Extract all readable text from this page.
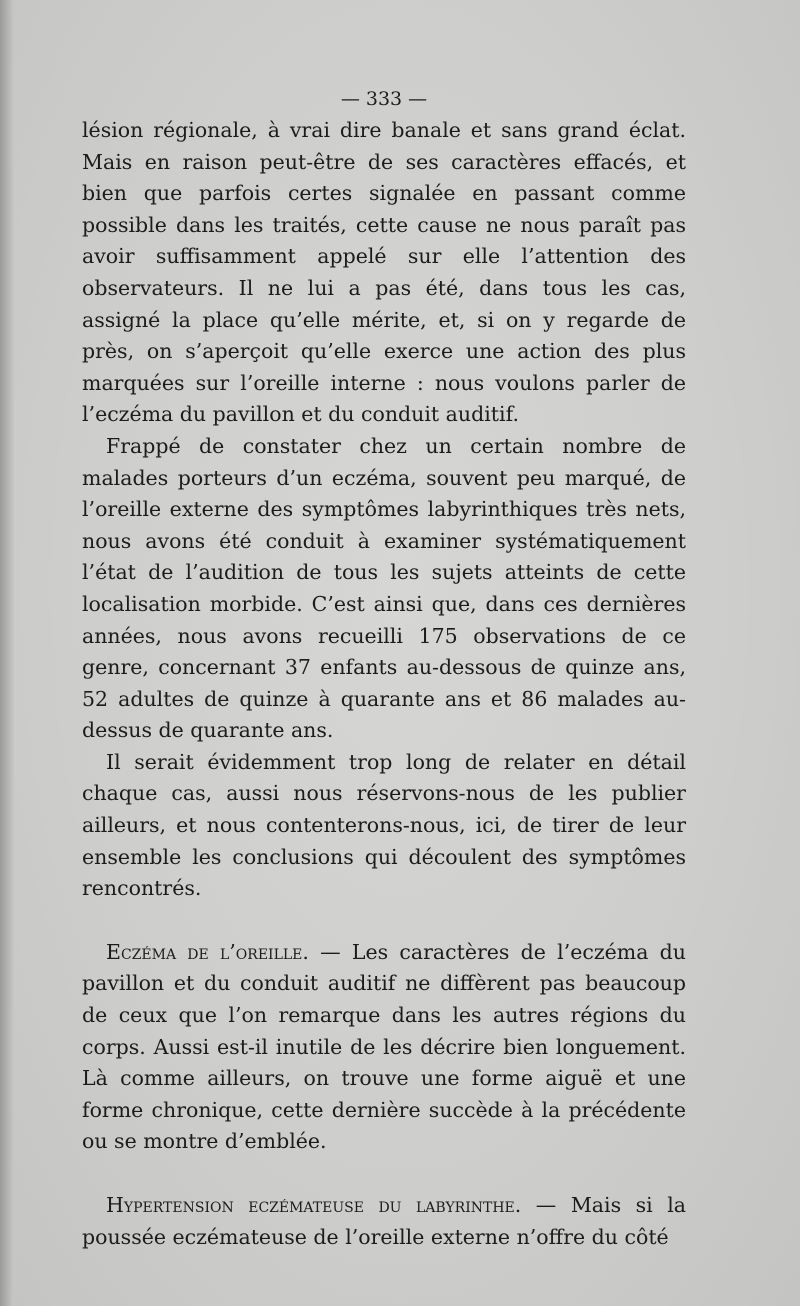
— 333 —

lésion régionale, à vrai dire banale et sans grand éclat. Mais en raison peut-être de ses caractères effacés, et bien que parfois certes signalée en passant comme possible dans les traités, cette cause ne nous paraît pas avoir suffisamment appelé sur elle l’attention des observateurs. Il ne lui a pas été, dans tous les cas, assigné la place qu’elle mérite, et, si on y regarde de près, on s’aperçoit qu’elle exerce une action des plus marquées sur l’oreille interne : nous voulons parler de l’eczéma du pavillon et du conduit auditif.

Frappé de constater chez un certain nombre de malades porteurs d’un eczéma, souvent peu marqué, de l’oreille externe des symptômes labyrinthiques très nets, nous avons été conduit à examiner systématiquement l’état de l’audition de tous les sujets atteints de cette localisation morbide. C’est ainsi que, dans ces dernières années, nous avons recueilli 175 observations de ce genre, concernant 37 enfants au-dessous de quinze ans, 52 adultes de quinze à quarante ans et 86 malades au-dessus de quarante ans.

Il serait évidemment trop long de relater en détail chaque cas, aussi nous réservons-nous de les publier ailleurs, et nous contenterons-nous, ici, de tirer de leur ensemble les conclusions qui découlent des symptômes rencontrés.

Eczéma de l’oreille. — Les caractères de l’eczéma du pavillon et du conduit auditif ne diffèrent pas beaucoup de ceux que l’on remarque dans les autres régions du corps. Aussi est-il inutile de les décrire bien longuement. Là comme ailleurs, on trouve une forme aiguë et une forme chronique, cette dernière succède à la précédente ou se montre d’emblée.

Hypertension eczémateuse du labyrinthe. — Mais si la poussée eczémateuse de l’oreille externe n’offre du côté
